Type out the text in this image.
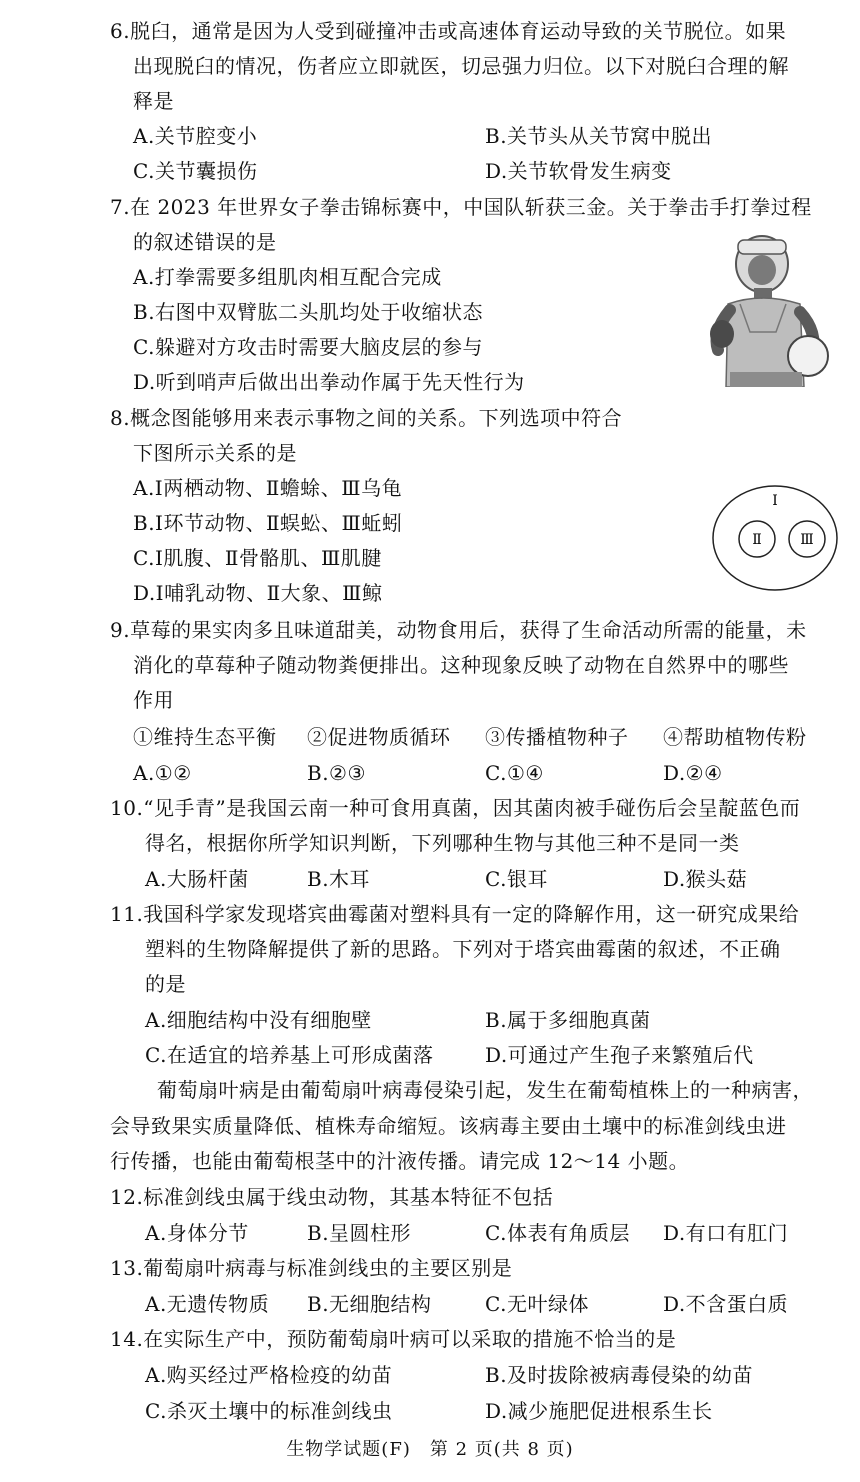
6.脱臼，通常是因为人受到碰撞冲击或高速体育运动导致的关节脱位。如果
出现脱臼的情况，伤者应立即就医，切忌强力归位。以下对脱臼合理的解
释是
A.关节腔变小	B.关节头从关节窝中脱出
C.关节囊损伤	D.关节软骨发生病变
7.在 2023 年世界女子拳击锦标赛中，中国队斩获三金。关于拳击手打拳过程
的叙述错误的是
A.打拳需要多组肌肉相互配合完成
B.右图中双臂肱二头肌均处于收缩状态
C.躲避对方攻击时需要大脑皮层的参与
D.听到哨声后做出出拳动作属于先天性行为
8.概念图能够用来表示事物之间的关系。下列选项中符合
下图所示关系的是
A.Ⅰ两栖动物、Ⅱ蟾蜍、Ⅲ乌龟
B.Ⅰ环节动物、Ⅱ蜈蚣、Ⅲ蚯蚓
C.Ⅰ肌腹、Ⅱ骨骼肌、Ⅲ肌腱
D.Ⅰ哺乳动物、Ⅱ大象、Ⅲ鲸
Ⅰ
Ⅱ	Ⅲ
9.草莓的果实肉多且味道甜美，动物食用后，获得了生命活动所需的能量，未
消化的草莓种子随动物粪便排出。这种现象反映了动物在自然界中的哪些
作用
①维持生态平衡 ②促进物质循环 ③传播植物种子 ④帮助植物传粉
A.①②	B.②③	C.①④	D.②④
10.“见手青”是我国云南一种可食用真菌，因其菌肉被手碰伤后会呈靛蓝色而
得名，根据你所学知识判断，下列哪种生物与其他三种不是同一类
A.大肠杆菌	B.木耳	C.银耳	D.猴头菇
11.我国科学家发现塔宾曲霉菌对塑料具有一定的降解作用，这一研究成果给
塑料的生物降解提供了新的思路。下列对于塔宾曲霉菌的叙述，不正确
的是
A.细胞结构中没有细胞壁	B.属于多细胞真菌
C.在适宜的培养基上可形成菌落	D.可通过产生孢子来繁殖后代
葡萄扇叶病是由葡萄扇叶病毒侵染引起，发生在葡萄植株上的一种病害，
会导致果实质量降低、植株寿命缩短。该病毒主要由土壤中的标准剑线虫进
行传播，也能由葡萄根茎中的汁液传播。请完成 12～14 小题。
12.标准剑线虫属于线虫动物，其基本特征不包括
A.身体分节	B.呈圆柱形	C.体表有角质层 D.有口有肛门
13.葡萄扇叶病毒与标准剑线虫的主要区别是
A.无遗传物质 B.无细胞结构	C.无叶绿体	D.不含蛋白质
14.在实际生产中，预防葡萄扇叶病可以采取的措施不恰当的是
A.购买经过严格检疫的幼苗	B.及时拔除被病毒侵染的幼苗
C.杀灭土壤中的标准剑线虫	D.减少施肥促进根系生长
生物学试题(F)　第 2 页(共 8 页)
